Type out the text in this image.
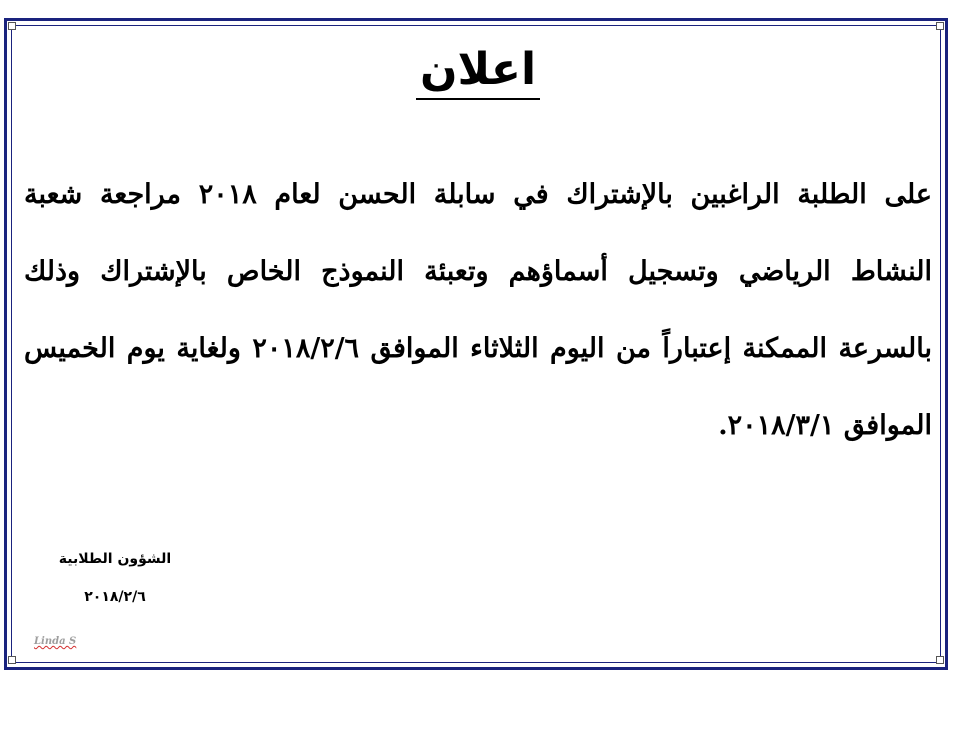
اعلان
على الطلبة الراغبين بالإشتراك في سابلة الحسن لعام ٢٠١٨ مراجعة شعبة النشاط الرياضي وتسجيل أسماؤهم وتعبئة النموذج الخاص بالإشتراك وذلك بالسرعة الممكنة إعتباراً من اليوم الثلاثاء الموافق ٢٠١٨/٢/٦ ولغاية يوم الخميس الموافق ٢٠١٨/٣/١.
الشؤون الطلابية
٢٠١٨/٢/٦
Linda S
